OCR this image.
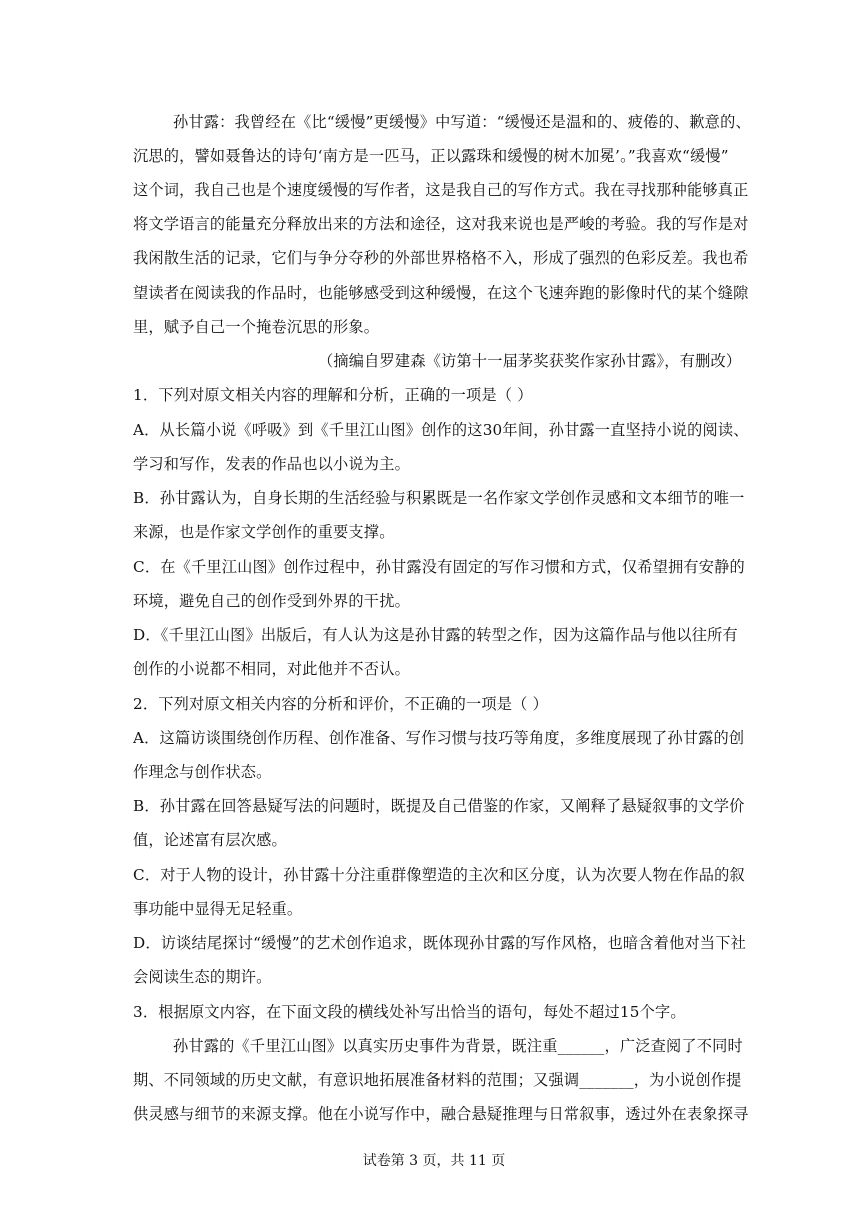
孙甘露：我曾经在《比“缓慢”更缓慢》中写道：“缓慢还是温和的、疲倦的、歉意的、
沉思的，譬如聂鲁达的诗句‘南方是一匹马，正以露珠和缓慢的树木加冕’。”我喜欢“缓慢”
这个词，我自己也是个速度缓慢的写作者，这是我自己的写作方式。我在寻找那种能够真正
将文学语言的能量充分释放出来的方法和途径，这对我来说也是严峻的考验。我的写作是对
我闲散生活的记录，它们与争分夺秒的外部世界格格不入，形成了强烈的色彩反差。我也希
望读者在阅读我的作品时，也能够感受到这种缓慢，在这个飞速奔跑的影像时代的某个缝隙
里，赋予自己一个掩卷沉思的形象。
（摘编自罗建森《访第十一届茅奖获奖作家孙甘露》，有删改）
1．下列对原文相关内容的理解和分析，正确的一项是（ ）
A．从长篇小说《呼吸》到《千里江山图》创作的这30年间，孙甘露一直坚持小说的阅读、
学习和写作，发表的作品也以小说为主。
B．孙甘露认为，自身长期的生活经验与积累既是一名作家文学创作灵感和文本细节的唯一
来源，也是作家文学创作的重要支撑。
C．在《千里江山图》创作过程中，孙甘露没有固定的写作习惯和方式，仅希望拥有安静的
环境，避免自己的创作受到外界的干扰。
D．《千里江山图》出版后，有人认为这是孙甘露的转型之作，因为这篇作品与他以往所有
创作的小说都不相同，对此他并不否认。
2．下列对原文相关内容的分析和评价，不正确的一项是（ ）
A．这篇访谈围绕创作历程、创作准备、写作习惯与技巧等角度，多维度展现了孙甘露的创
作理念与创作状态。
B．孙甘露在回答悬疑写法的问题时，既提及自己借鉴的作家，又阐释了悬疑叙事的文学价
值，论述富有层次感。
C．对于人物的设计，孙甘露十分注重群像塑造的主次和区分度，认为次要人物在作品的叙
事功能中显得无足轻重。
D．访谈结尾探讨“缓慢”的艺术创作追求，既体现孙甘露的写作风格，也暗含着他对当下社
会阅读生态的期许。
3．根据原文内容，在下面文段的横线处补写出恰当的语句，每处不超过15个字。
孙甘露的《千里江山图》以真实历史事件为背景，既注重______，广泛查阅了不同时
期、不同领域的历史文献，有意识地拓展准备材料的范围；又强调_______，为小说创作提
供灵感与细节的来源支撑。他在小说写作中，融合悬疑推理与日常叙事，透过外在表象探寻
试卷第 3 页，共 11 页
